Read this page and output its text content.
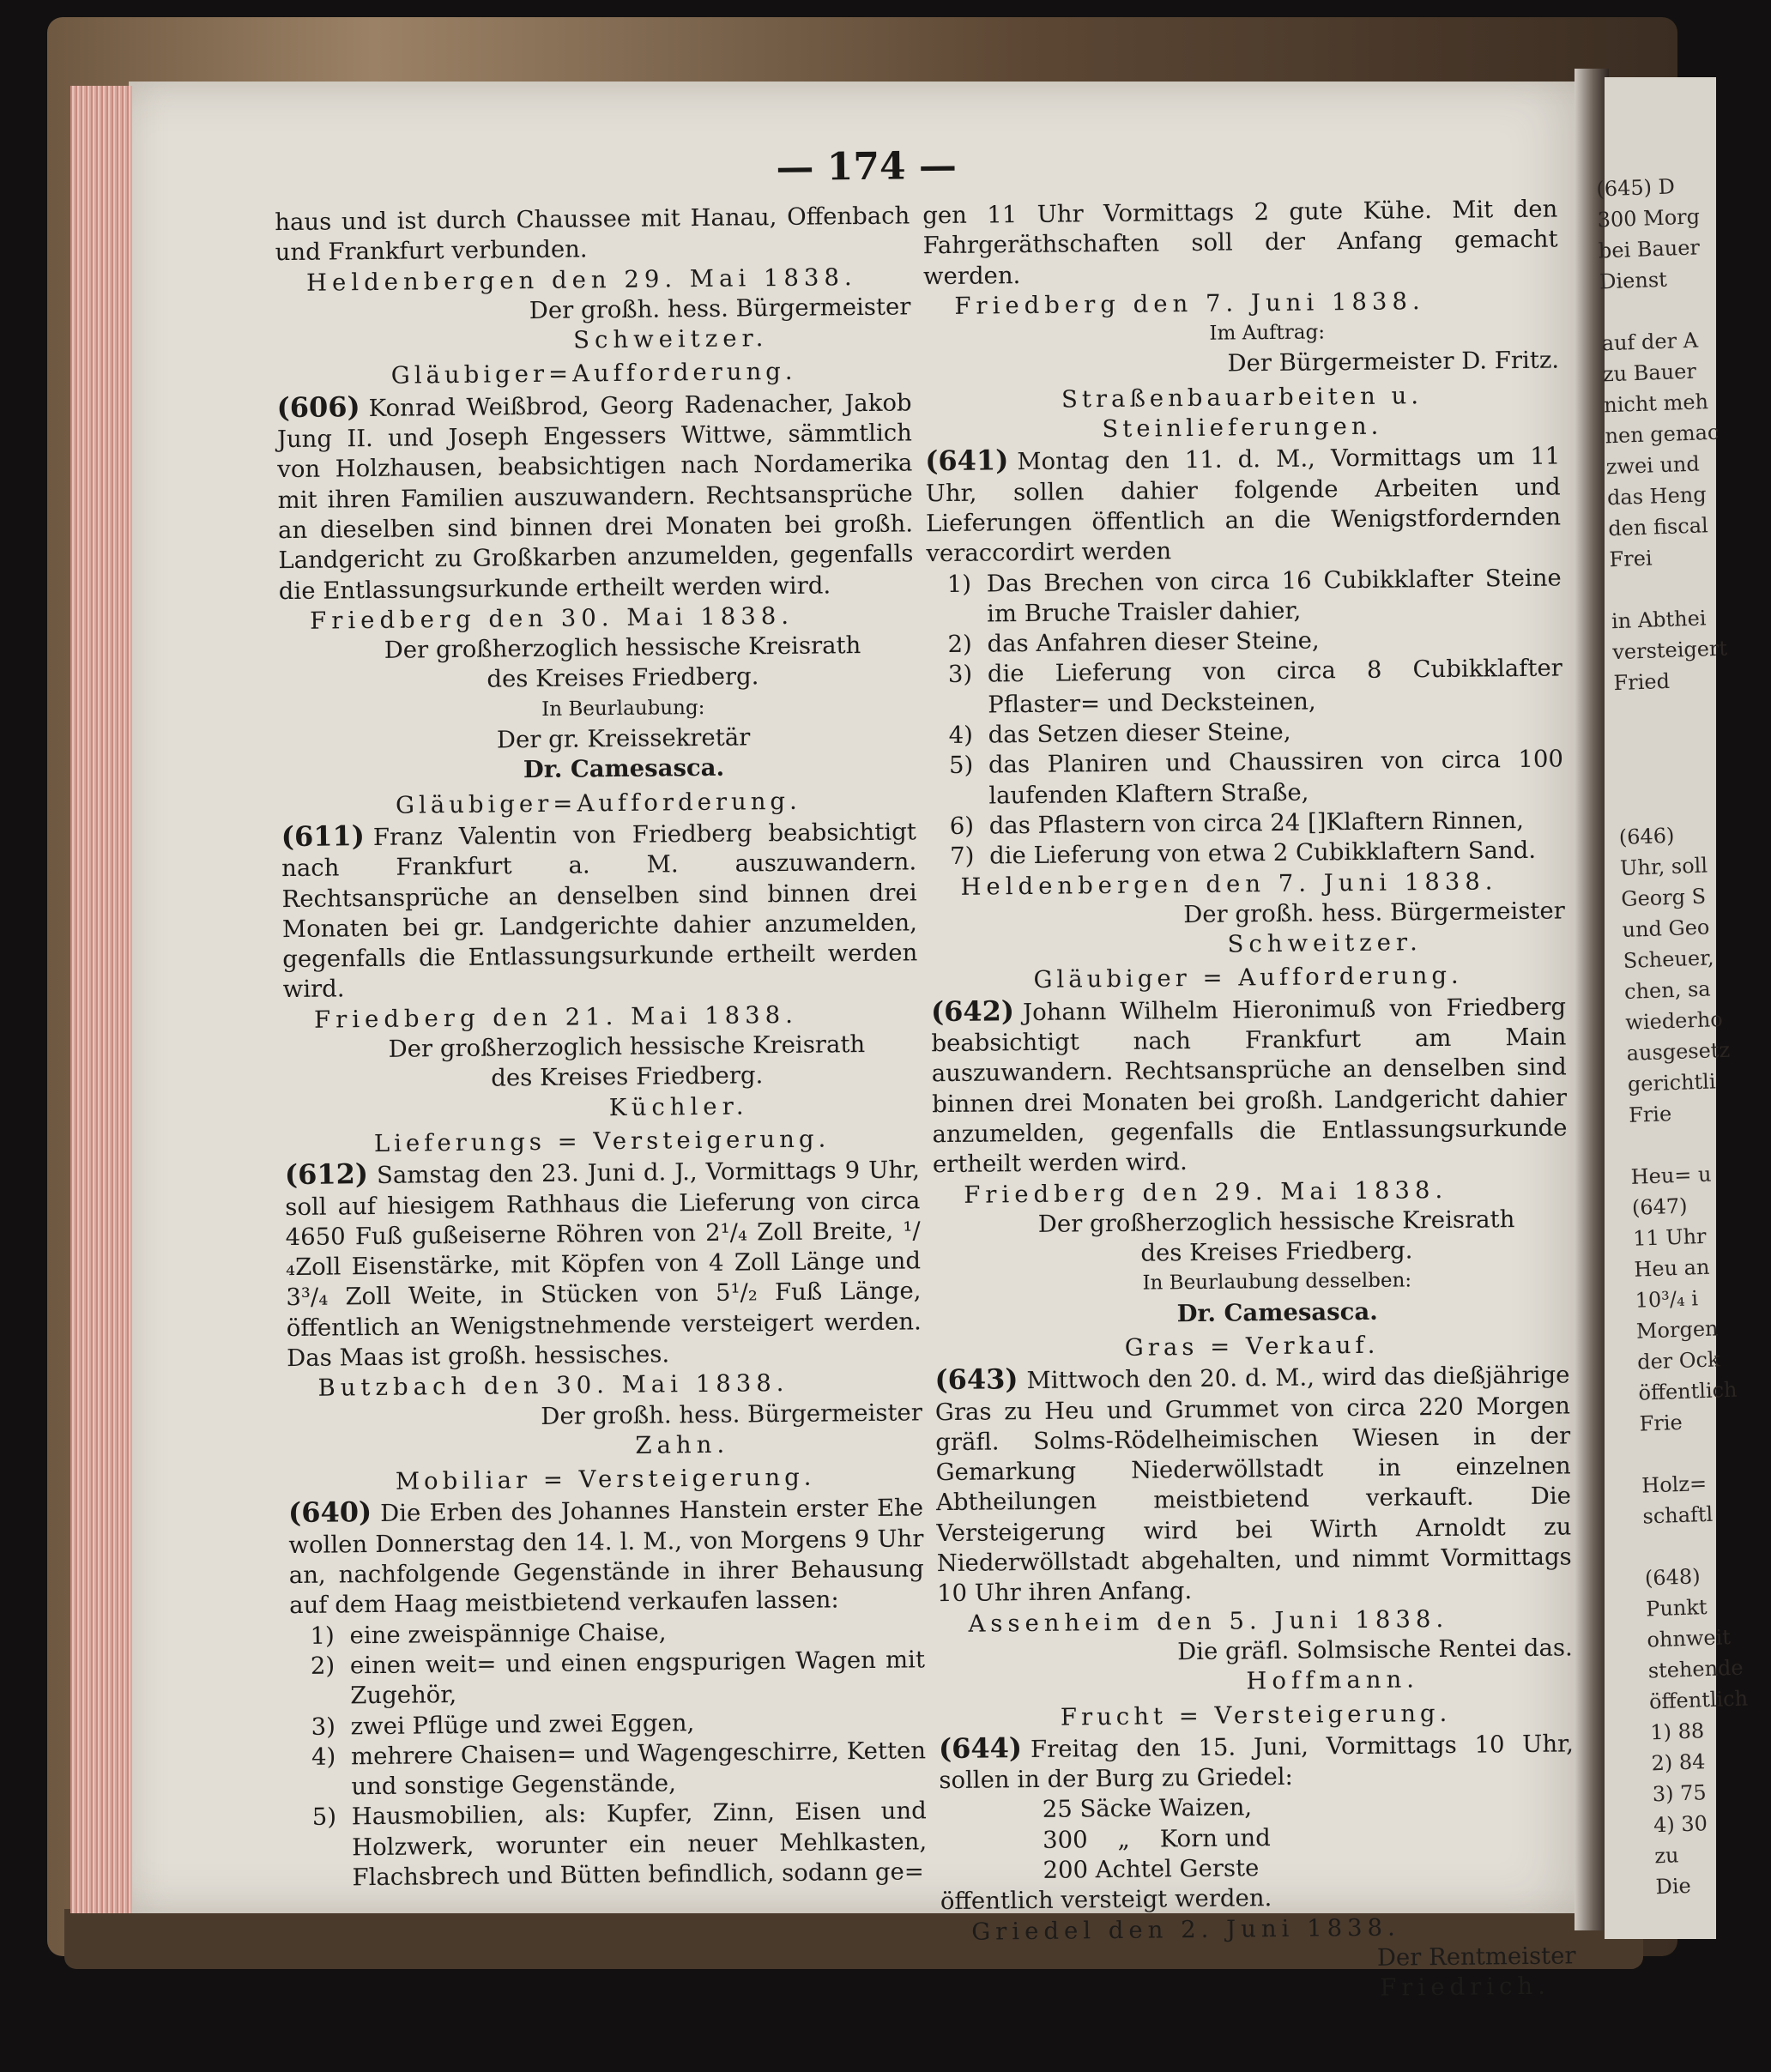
— 174 —

haus und ist durch Chaussee mit Hanau, Offenbach und Frankfurt verbunden.

Heldenbergen den 29. Mai 1838.

Der großh. hess. Bürgermeister

Schweitzer.

Gläubiger=Aufforderung.

(606) Konrad Weißbrod, Georg Radenacher, Jakob Jung II. und Joseph Engessers Wittwe, sämmtlich von Holzhausen, beabsichtigen nach Nordamerika mit ihren Familien auszuwandern. Rechtsansprüche an dieselben sind binnen drei Monaten bei großh. Landgericht zu Großkarben anzumelden, gegenfalls die Entlassungsurkunde ertheilt werden wird.

Friedberg den 30. Mai 1838.

Der großherzoglich hessische Kreisrath

des Kreises Friedberg.

In Beurlaubung:

Der gr. Kreissekretär

Dr. Camesasca.

Gläubiger=Aufforderung.

(611) Franz Valentin von Friedberg beabsichtigt nach Frankfurt a. M. auszuwandern. Rechtsansprüche an denselben sind binnen drei Monaten bei gr. Landgerichte dahier anzumelden, gegenfalls die Entlassungsurkunde ertheilt werden wird.

Friedberg den 21. Mai 1838.

Der großherzoglich hessische Kreisrath

des Kreises Friedberg.

Küchler.

Lieferungs = Versteigerung.

(612) Samstag den 23. Juni d. J., Vormittags 9 Uhr, soll auf hiesigem Rathhaus die Lieferung von circa 4650 Fuß gußeiserne Röhren von 2¹/₄ Zoll Breite, ¹/₄Zoll Eisenstärke, mit Köpfen von 4 Zoll Länge und 3³/₄ Zoll Weite, in Stücken von 5¹/₂ Fuß Länge, öffentlich an Wenigstnehmende versteigert werden. Das Maas ist großh. hessisches.

Butzbach den 30. Mai 1838.

Der großh. hess. Bürgermeister

Zahn.

Mobiliar = Versteigerung.

(640) Die Erben des Johannes Hanstein erster Ehe wollen Donnerstag den 14. l. M., von Morgens 9 Uhr an, nachfolgende Gegenstände in ihrer Behausung auf dem Haag meistbietend verkaufen lassen:

1) eine zweispännige Chaise,

2) einen weit= und einen engspurigen Wagen mit Zugehör,

3) zwei Pflüge und zwei Eggen,

4) mehrere Chaisen= und Wagengeschirre, Ketten und sonstige Gegenstände,

5) Hausmobilien, als: Kupfer, Zinn, Eisen und Holzwerk, worunter ein neuer Mehlkasten, Flachsbrech und Bütten befindlich, sodann ge=

gen 11 Uhr Vormittags 2 gute Kühe. Mit den Fahrgeräthschaften soll der Anfang gemacht werden.

Friedberg den 7. Juni 1838.

Im Auftrag:

Der Bürgermeister D. Fritz.

Straßenbauarbeiten u. Steinlieferungen.

(641) Montag den 11. d. M., Vormittags um 11 Uhr, sollen dahier folgende Arbeiten und Lieferungen öffentlich an die Wenigstfordernden veraccordirt werden

1) Das Brechen von circa 16 Cubikklafter Steine im Bruche Traisler dahier,

2) das Anfahren dieser Steine,

3) die Lieferung von circa 8 Cubikklafter Pflaster= und Decksteinen,

4) das Setzen dieser Steine,

5) das Planiren und Chaussiren von circa 100 laufenden Klaftern Straße,

6) das Pflastern von circa 24 []Klaftern Rinnen,

7) die Lieferung von etwa 2 Cubikklaftern Sand.

Heldenbergen den 7. Juni 1838.

Der großh. hess. Bürgermeister

Schweitzer.

Gläubiger = Aufforderung.

(642) Johann Wilhelm Hieronimuß von Friedberg beabsichtigt nach Frankfurt am Main auszuwandern. Rechtsansprüche an denselben sind binnen drei Monaten bei großh. Landgericht dahier anzumelden, gegenfalls die Entlassungsurkunde ertheilt werden wird.

Friedberg den 29. Mai 1838.

Der großherzoglich hessische Kreisrath

des Kreises Friedberg.

In Beurlaubung desselben:

Dr. Camesasca.

Gras = Verkauf.

(643) Mittwoch den 20. d. M., wird das dießjährige Gras zu Heu und Grummet von circa 220 Morgen gräfl. Solms-Rödelheimischen Wiesen in der Gemarkung Niederwöllstadt in einzelnen Abtheilungen meistbietend verkauft. Die Versteigerung wird bei Wirth Arnoldt zu Niederwöllstadt abgehalten, und nimmt Vormittags 10 Uhr ihren Anfang.

Assenheim den 5. Juni 1838.

Die gräfl. Solmsische Rentei das.

Hoffmann.

Frucht = Versteigerung.

(644) Freitag den 15. Juni, Vormittags 10 Uhr, sollen in der Burg zu Griedel:

25 Säcke Waizen,

300    „    Korn und

200 Achtel Gerste

öffentlich versteigt werden.

Griedel den 2. Juni 1838.

Der Rentmeister

Friedrich.

(645) D

300 Morg

bei Bauer

Dienst

auf der A

zu Bauer

nicht meh

nen gemac

zwei und

das Heng

den fiscal

Frei

in Abthei

versteigert

Fried

(646)

Uhr, soll

Georg S

und Geo

Scheuer,

chen, sa

wiederho

ausgesetz

gerichtli

Frie

Heu= u

(647)

11 Uhr

Heu an

10³/₄ i

Morgen

der Ock

öffentlich

Frie

Holz=

schaftl

(648)

Punkt

ohnweit

stehende

öffentlich

1) 88

2) 84

3) 75

4) 30

zu

Die
